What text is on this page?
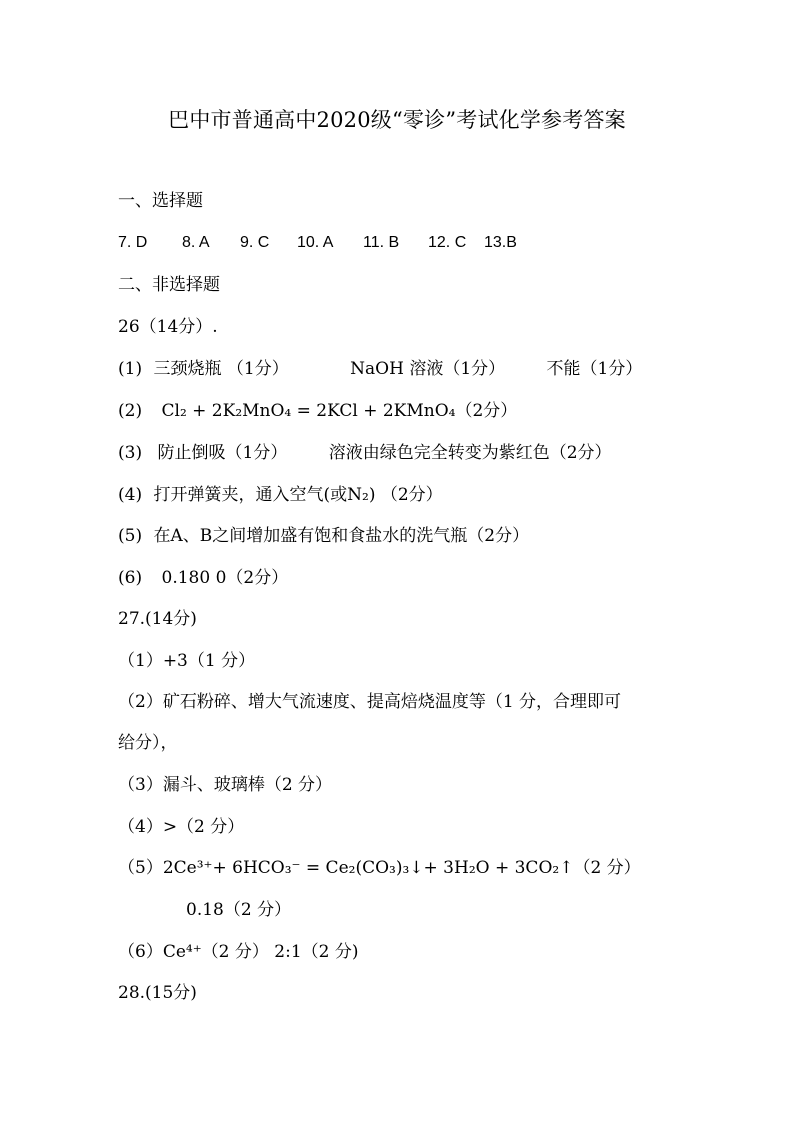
巴中市普通高中2020级“零诊”考试化学参考答案
一、选择题
7. D 8. A 9. C 10. A 11. B 12. C 13.B
二、非选择题
26（14分）.
(1) 三颈烧瓶 （1分）	NaOH 溶液（1分） 不能（1分）
(2) Cl₂ + 2K₂MnO₄ = 2KCl + 2KMnO₄（2分）
(3) 防止倒吸（1分） 溶液由绿色完全转变为紫红色（2分）
(4) 打开弹簧夹，通入空气(或N₂) （2分）
(5) 在A、B之间增加盛有饱和食盐水的洗气瓶（2分）
(6) 0.180 0（2分）
27.(14分)
（1）+3（1 分）
（2）矿石粉碎、增大气流速度、提高焙烧温度等（1 分，合理即可
给分），
（3）漏斗、玻璃棒（2 分）
（4）>（2 分）
（5）2Ce³⁺+ 6HCO₃⁻ = Ce₂(CO₃)₃↓+ 3H₂O + 3CO₂↑（2 分）
0.18（2 分）
（6）Ce⁴⁺（2 分） 2:1（2 分)
28.(15分)
